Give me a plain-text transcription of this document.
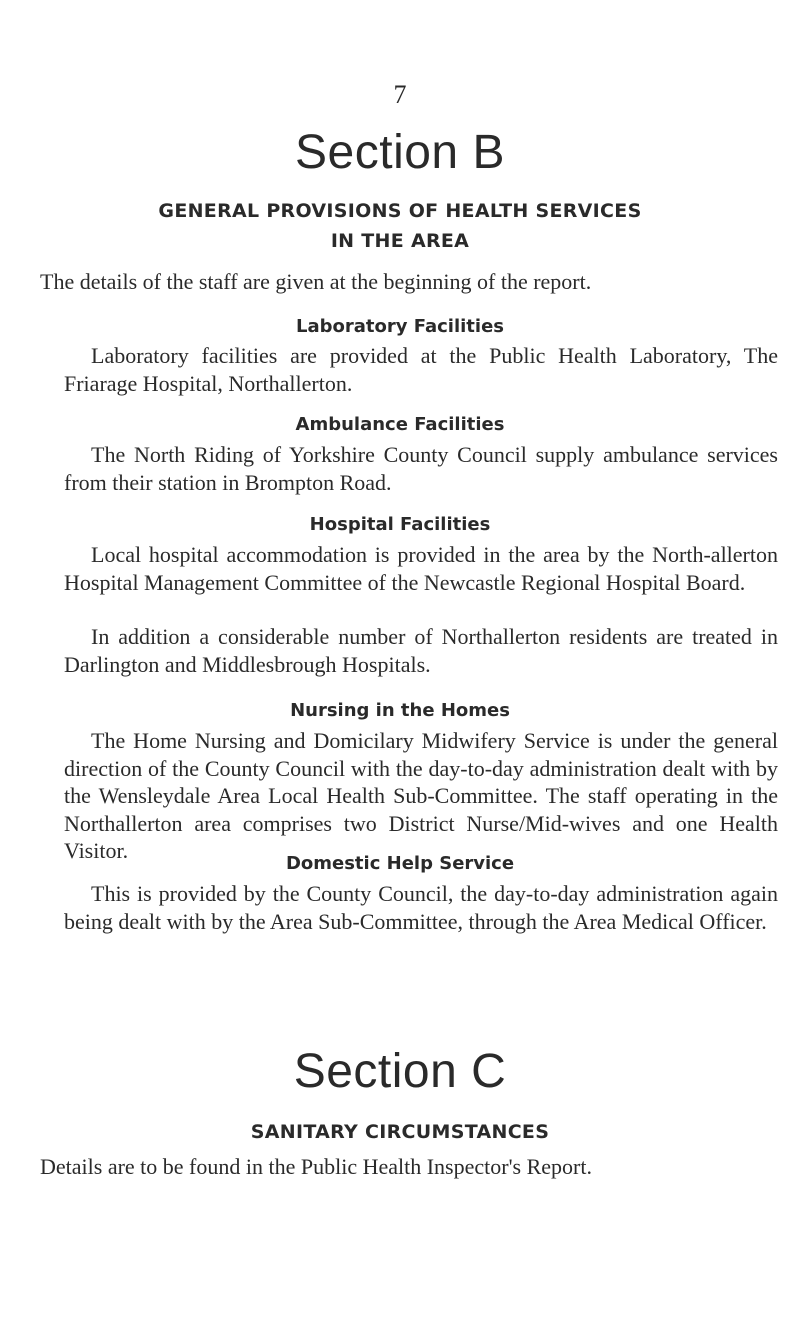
7
Section B
GENERAL PROVISIONS OF HEALTH SERVICES
IN THE AREA

The details of the staff are given at the beginning of the report.

Laboratory Facilities

Laboratory facilities are provided at the Public Health Laboratory, The Friarage Hospital, Northallerton.

Ambulance Facilities

The North Riding of Yorkshire County Council supply ambulance services from their station in Brompton Road.

Hospital Facilities

Local hospital accommodation is provided in the area by the North-allerton Hospital Management Committee of the Newcastle Regional Hospital Board.

In addition a considerable number of Northallerton residents are treated in Darlington and Middlesbrough Hospitals.

Nursing in the Homes

The Home Nursing and Domicilary Midwifery Service is under the general direction of the County Council with the day-to-day administration dealt with by the Wensleydale Area Local Health Sub-Committee. The staff operating in the Northallerton area comprises two District Nurse/Mid-wives and one Health Visitor.

Domestic Help Service

This is provided by the County Council, the day-to-day administration again being dealt with by the Area Sub-Committee, through the Area Medical Officer.

Section C
SANITARY CIRCUMSTANCES

Details are to be found in the Public Health Inspector's Report.
